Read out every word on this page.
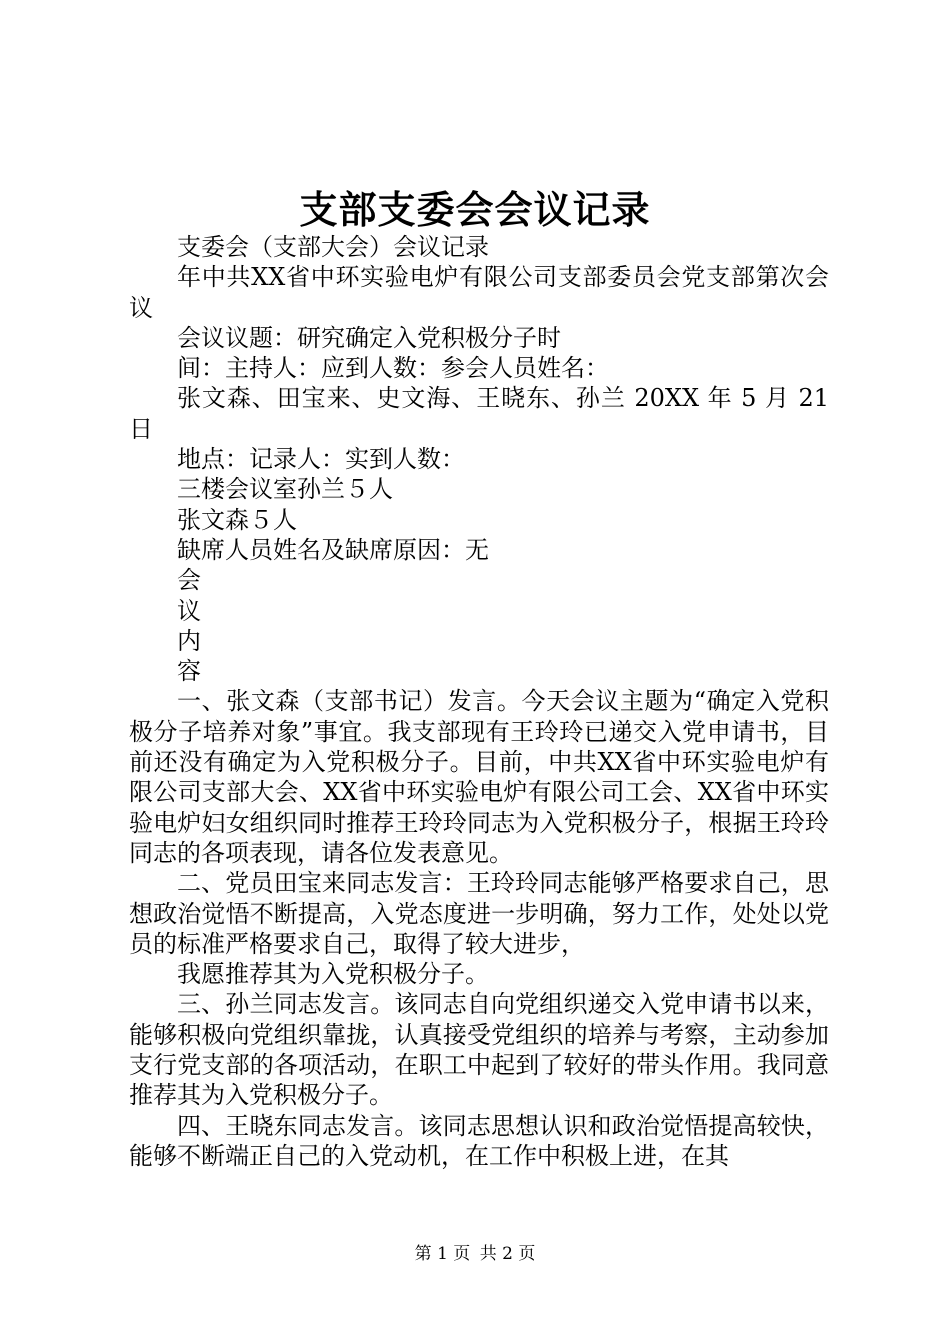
支部支委会会议记录

支委会（支部大会）会议记录

年中共XX省中环实验电炉有限公司支部委员会党支部第次会议

会议议题：研究确定入党积极分子时

间：主持人：应到人数：参会人员姓名：

张文森、田宝来、史文海、王晓东、孙兰 20XX 年 5 月 21 日

地点：记录人：实到人数：

三楼会议室孙兰５人

张文森５人

缺席人员姓名及缺席原因：无

会

议

内

容

一、张文森（支部书记）发言。今天会议主题为“确定入党积极分子培养对象”事宜。我支部现有王玲玲已递交入党申请书，目前还没有确定为入党积极分子。目前，中共XX省中环实验电炉有限公司支部大会、XX省中环实验电炉有限公司工会、XX省中环实验电炉妇女组织同时推荐王玲玲同志为入党积极分子，根据王玲玲同志的各项表现，请各位发表意见。

二、党员田宝来同志发言：王玲玲同志能够严格要求自己，思想政治觉悟不断提高，入党态度进一步明确，努力工作，处处以党员的标准严格要求自己，取得了较大进步，

我愿推荐其为入党积极分子。

三、孙兰同志发言。该同志自向党组织递交入党申请书以来，能够积极向党组织靠拢，认真接受党组织的培养与考察，主动参加支行党支部的各项活动，在职工中起到了较好的带头作用。我同意推荐其为入党积极分子。

四、王晓东同志发言。该同志思想认识和政治觉悟提高较快，能够不断端正自己的入党动机，在工作中积极上进，在其

第 1 页 共 2 页
